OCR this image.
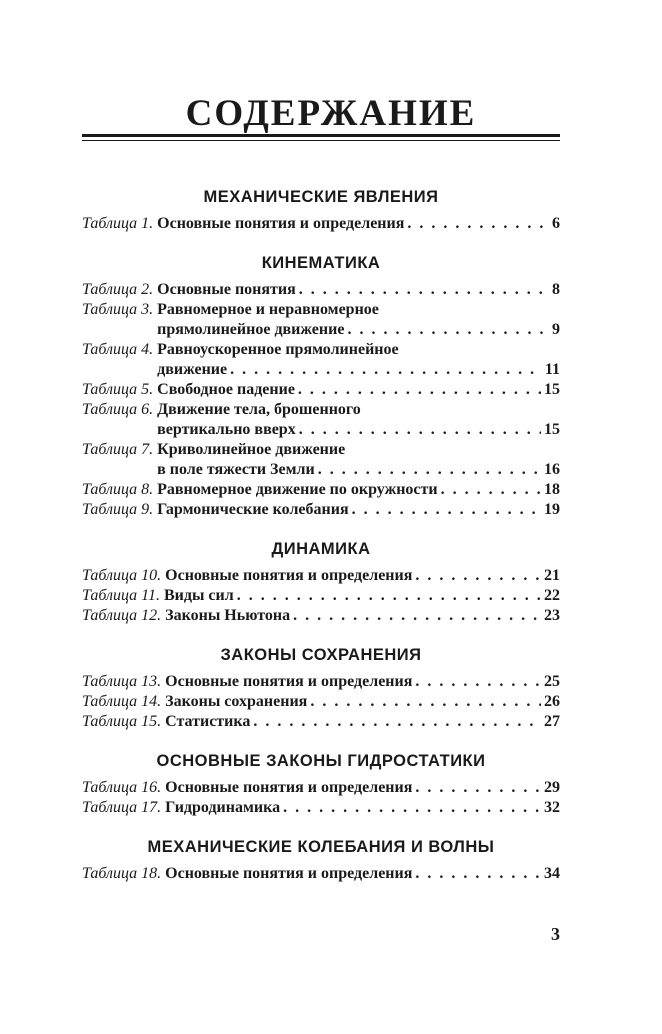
СОДЕРЖАНИЕ
МЕХАНИЧЕСКИЕ ЯВЛЕНИЯ
Таблица 1. Основные понятия и определения . . .	6
КИНЕМАТИКА
Таблица 2. Основные понятия . . .	8
Таблица 3. Равномерное и неравномерное
прямолинейное движение . . .	9
Таблица 4. Равноускоренное прямолинейное
движение . . .	11
Таблица 5. Свободное падение . . .	15
Таблица 6. Движение тела, брошенного
вертикально вверх . . .	15
Таблица 7. Криволинейное движение
в поле тяжести Земли . . .	16
Таблица 8. Равномерное движение по окружности . . .	18
Таблица 9. Гармонические колебания . . .	19
ДИНАМИКА
Таблица 10. Основные понятия и определения . . .	21
Таблица 11. Виды сил . . .	22
Таблица 12. Законы Ньютона . . .	23
ЗАКОНЫ СОХРАНЕНИЯ
Таблица 13. Основные понятия и определения . . .	25
Таблица 14. Законы сохранения . . .	26
Таблица 15. Статистика . . .	27
ОСНОВНЫЕ ЗАКОНЫ ГИДРОСТАТИКИ
Таблица 16. Основные понятия и определения . . .	29
Таблица 17. Гидродинамика . . .	32
МЕХАНИЧЕСКИЕ КОЛЕБАНИЯ И ВОЛНЫ
Таблица 18. Основные понятия и определения . . .	34
3
